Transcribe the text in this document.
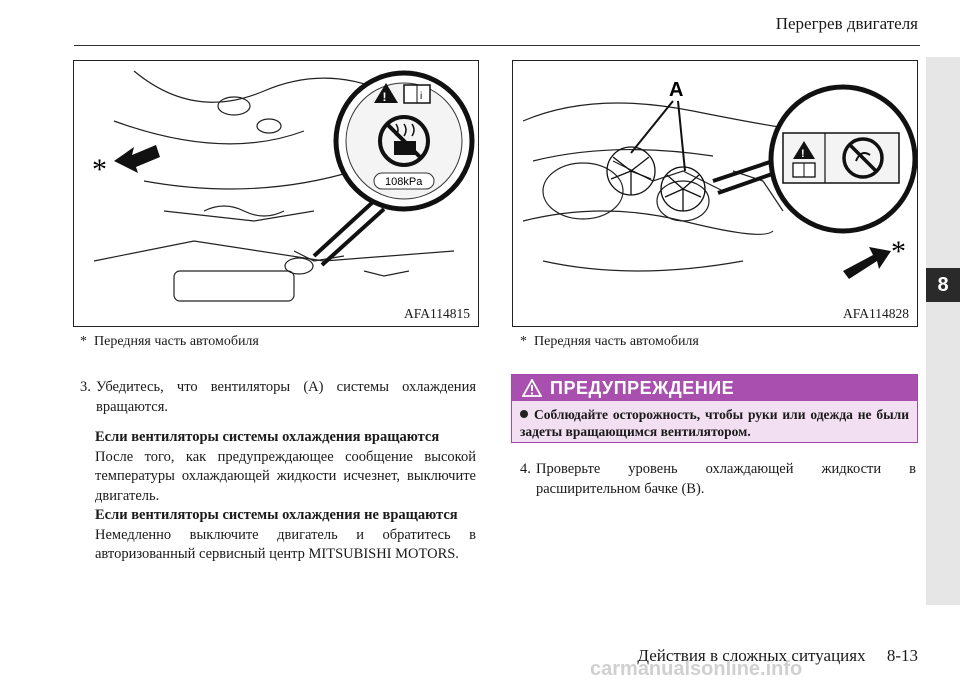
Перегрев двигателя
8
*
!	i
108kPa
AFA114815
A
!
*
AFA114828
* Передняя часть автомобиля	* Передняя часть автомобиля
3. Убедитесь, что вентиляторы (A) системы охлаждения вращаются.
Если вентиляторы системы охлаждения вращаются
После того, как предупреждающее сообщение высокой температуры охлаждающей жидкости исчезнет, выключите двигатель.
Если вентиляторы системы охлаждения не вращаются
Немедленно выключите двигатель и обратитесь в авторизованный сервисный центр MITSUBISHI MOTORS.
ПРЕДУПРЕЖДЕНИЕ
Соблюдайте осторожность, чтобы руки или одежда не были задеты вращающимся вентилятором.
4. Проверьте уровень охлаждающей жидкости в расширительном бачке (B).
Действия в сложных ситуациях     8-13
carmanualsonline.info
